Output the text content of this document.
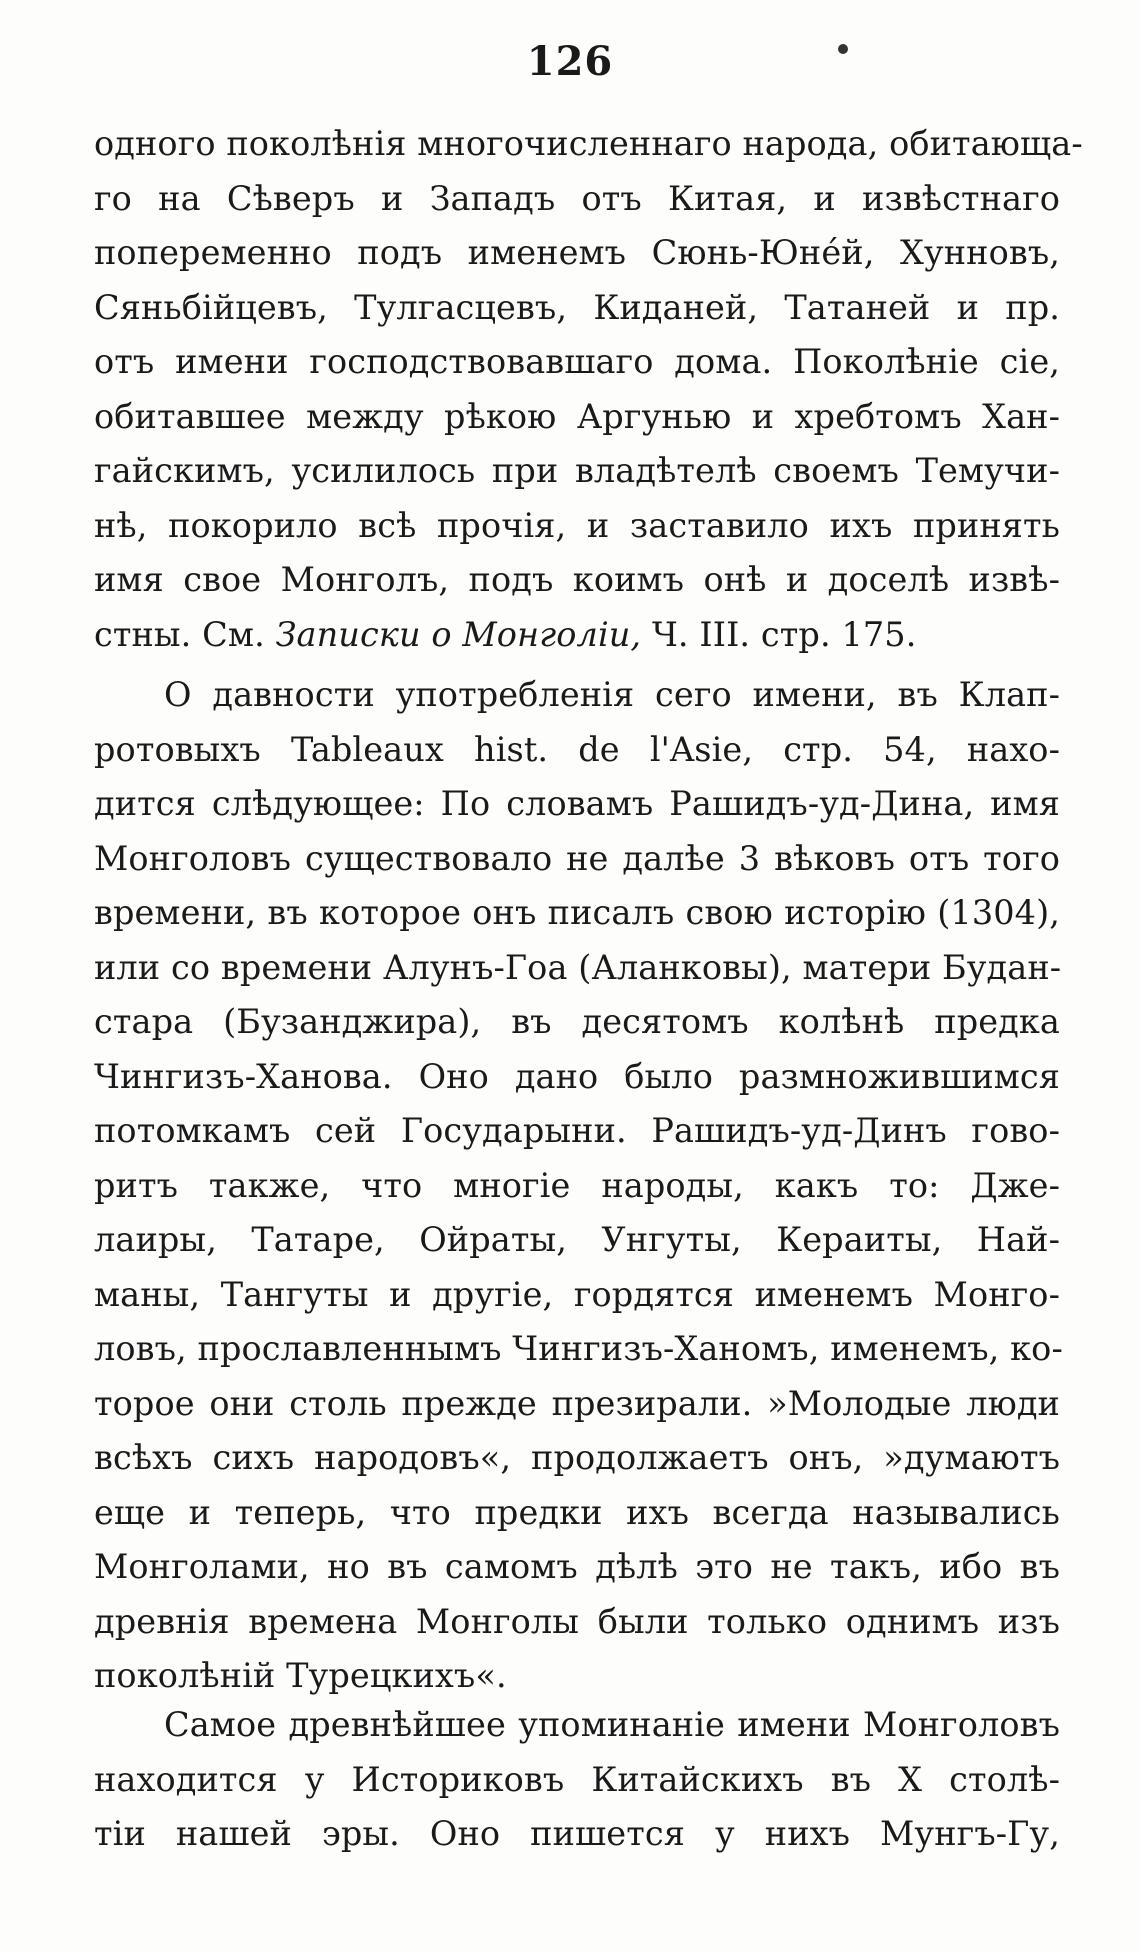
126
одного поколѣнія многочисленнаго народа, обитающа-
го на Сѣверъ и Западъ отъ Китая, и извѣстнаго
попеременно подъ именемъ Сюнь-Юнéй, Хунновъ,
Сяньбійцевъ, Тулгасцевъ, Киданей, Татаней и пр.
отъ имени господствовавшаго дома. Поколѣніе сіе,
обитавшее между рѣкою Аргунью и хребтомъ Хан-
гайскимъ, усилилось при владѣтелѣ своемъ Темучи-
нѣ, покорило всѣ прочія, и заставило ихъ принять
имя свое Монголъ, подъ коимъ онѣ и доселѣ извѣ-
стны. См. Записки о Монголіи, Ч. III. стр. 175.
О давности употребленія сего имени, въ Клап-
ротовыхъ Tableaux hist. de l'Asie, стр. 54, нахо-
дится слѣдующее: По словамъ Рашидъ-уд-Дина, имя
Монголовъ существовало не далѣе 3 вѣковъ отъ того
времени, въ которое онъ писалъ свою исторію (1304),
или со времени Алунъ-Гоа (Аланковы), матери Будан-
стара (Бузанджира), въ десятомъ колѣнѣ предка
Чингизъ-Ханова. Оно дано было размножившимся
потомкамъ сей Государыни. Рашидъ-уд-Динъ гово-
ритъ также, что многіе народы, какъ то: Дже-
лаиры, Татаре, Ойраты, Унгуты, Кераиты, Най-
маны, Тангуты и другіе, гордятся именемъ Монго-
ловъ, прославленнымъ Чингизъ-Ханомъ, именемъ, ко-
торое они столь прежде презирали. »Молодые люди
всѣхъ сихъ народовъ«, продолжаетъ онъ, »думаютъ
еще и теперь, что предки ихъ всегда назывались
Монголами, но въ самомъ дѣлѣ это не такъ, ибо въ
древнія времена Монголы были только однимъ изъ
поколѣній Турецкихъ«.
Самое древнѣйшее упоминаніе имени Монголовъ
находится у Историковъ Китайскихъ въ X столѣ-
тіи нашей эры. Оно пишется у нихъ Мунгъ-Гу,
